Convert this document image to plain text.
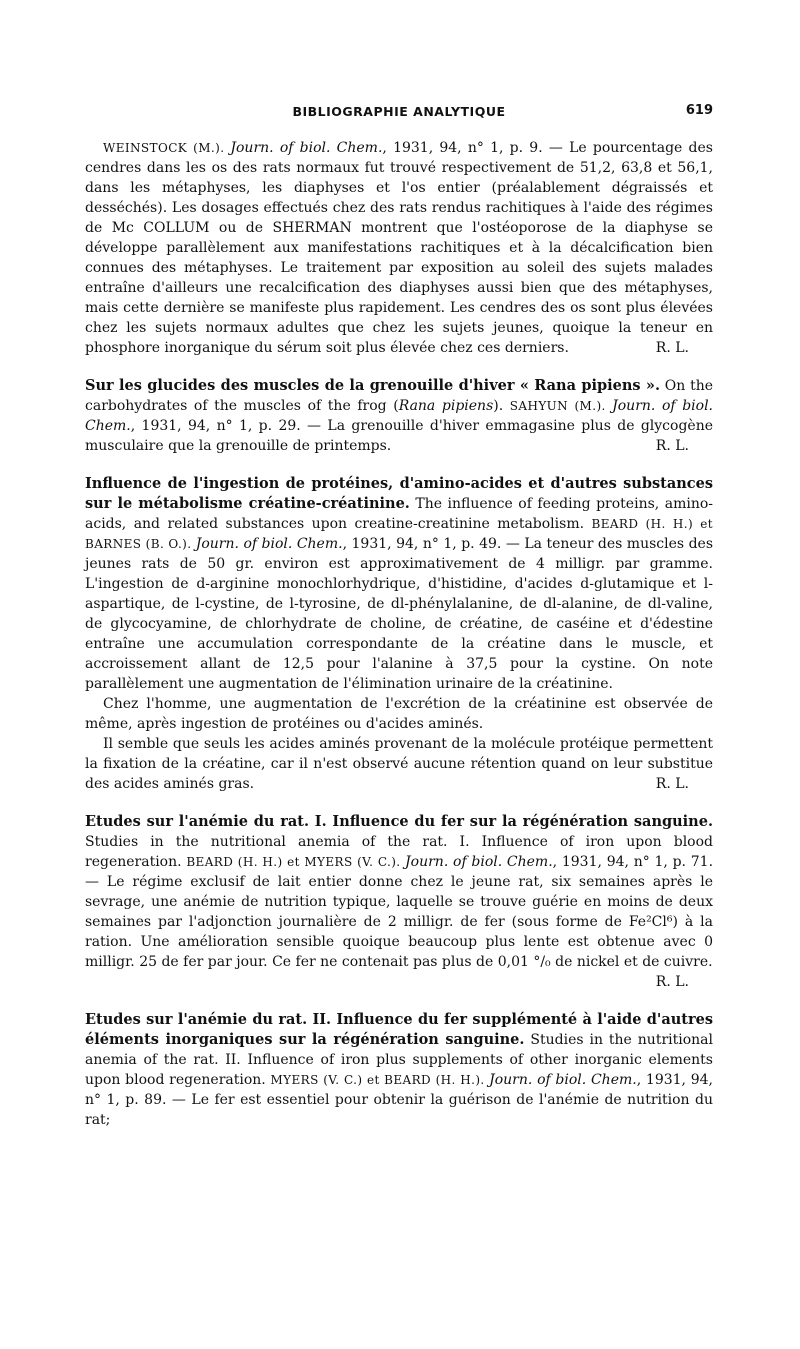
BIBLIOGRAPHIE ANALYTIQUE	619

WEINSTOCK (M.). Journ. of biol. Chem., 1931, 94, n° 1, p. 9. — Le pourcentage des cendres dans les os des rats normaux fut trouvé respectivement de 51,2, 63,8 et 56,1, dans les métaphyses, les diaphyses et l'os entier (préalablement dégraissés et desséchés). Les dosages effectués chez des rats rendus rachitiques à l'aide des régimes de Mc COLLUM ou de SHERMAN montrent que l'ostéoporose de la diaphyse se développe parallèlement aux manifestations rachitiques et à la décalcification bien connues des métaphyses. Le traitement par exposition au soleil des sujets malades entraîne d'ailleurs une recalcification des diaphyses aussi bien que des métaphyses, mais cette dernière se manifeste plus rapidement. Les cendres des os sont plus élevées chez les sujets normaux adultes que chez les sujets jeunes, quoique la teneur en phosphore inorganique du sérum soit plus élevée chez ces derniers.	R. L.

Sur les glucides des muscles de la grenouille d'hiver « Rana pipiens ». On the carbohydrates of the muscles of the frog (Rana pipiens). SAHYUN (M.). Journ. of biol. Chem., 1931, 94, n° 1, p. 29. — La grenouille d'hiver emmagasine plus de glycogène musculaire que la grenouille de printemps.	R. L.

Influence de l'ingestion de protéines, d'amino-acides et d'autres substances sur le métabolisme créatine-créatinine. The influence of feeding proteins, amino-acids, and related substances upon creatine-creatinine metabolism. BEARD (H. H.) et BARNES (B. O.). Journ. of biol. Chem., 1931, 94, n° 1, p. 49. — La teneur des muscles des jeunes rats de 50 gr. environ est approximativement de 4 milligr. par gramme. L'ingestion de d-arginine monochlorhydrique, d'histidine, d'acides d-glutamique et l-aspartique, de l-cystine, de l-tyrosine, de dl-phénylalanine, de dl-alanine, de dl-valine, de glycocyamine, de chlorhydrate de choline, de créatine, de caséine et d'édestine entraîne une accumulation correspondante de la créatine dans le muscle, et accroissement allant de 12,5 pour l'alanine à 37,5 pour la cystine. On note parallèlement une augmentation de l'élimination urinaire de la créatinine.

Chez l'homme, une augmentation de l'excrétion de la créatinine est observée de même, après ingestion de protéines ou d'acides aminés.

Il semble que seuls les acides aminés provenant de la molécule protéique permettent la fixation de la créatine, car il n'est observé aucune rétention quand on leur substitue des acides aminés gras.	R. L.

Etudes sur l'anémie du rat. I. Influence du fer sur la régénération sanguine. Studies in the nutritional anemia of the rat. I. Influence of iron upon blood regeneration. BEARD (H. H.) et MYERS (V. C.). Journ. of biol. Chem., 1931, 94, n° 1, p. 71. — Le régime exclusif de lait entier donne chez le jeune rat, six semaines après le sevrage, une anémie de nutrition typique, laquelle se trouve guérie en moins de deux semaines par l'adjonction journalière de 2 milligr. de fer (sous forme de Fe²Cl⁶) à la ration. Une amélioration sensible quoique beaucoup plus lente est obtenue avec 0 milligr. 25 de fer par jour. Ce fer ne contenait pas plus de 0,01 °/₀ de nickel et de cuivre.
R. L.

Etudes sur l'anémie du rat. II. Influence du fer supplémenté à l'aide d'autres éléments inorganiques sur la régénération sanguine. Studies in the nutritional anemia of the rat. II. Influence of iron plus supplements of other inorganic elements upon blood regeneration. MYERS (V. C.) et BEARD (H. H.). Journ. of biol. Chem., 1931, 94, n° 1, p. 89. — Le fer est essentiel pour obtenir la guérison de l'anémie de nutrition du rat;
